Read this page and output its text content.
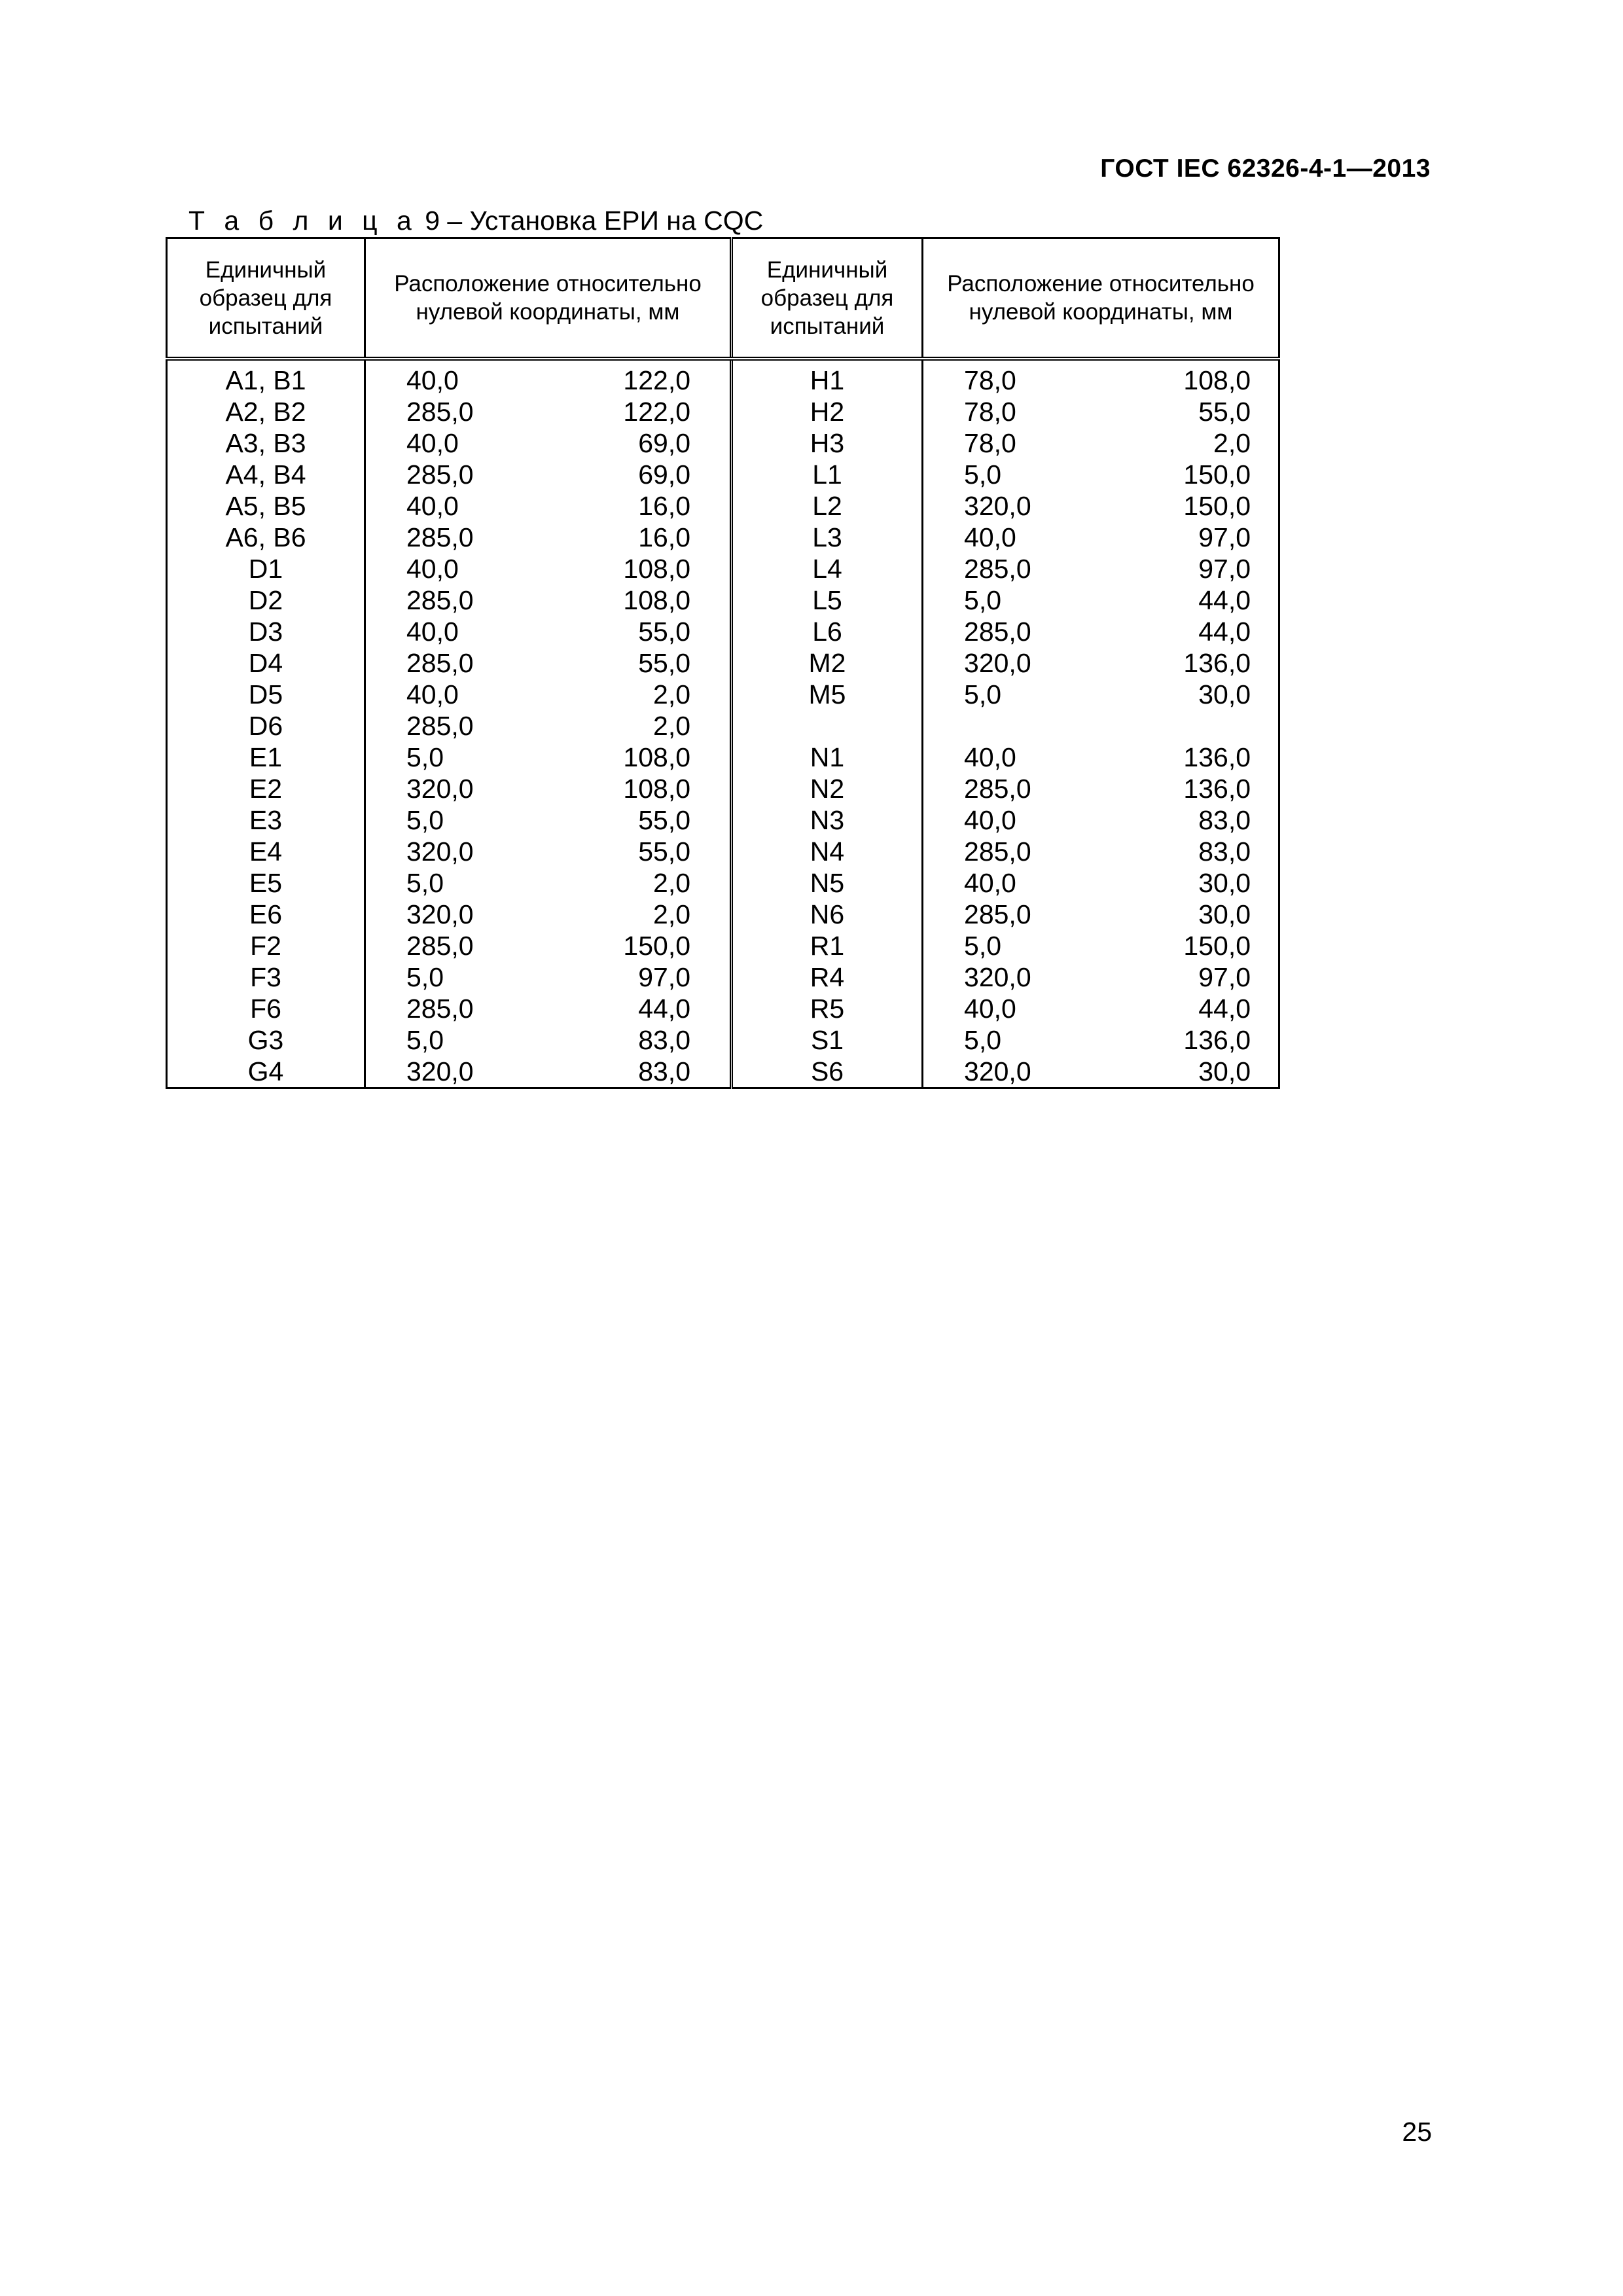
ГОСТ IEC 62326-4-1—2013
Т а б л и ц а 9 – Установка ЕРИ на CQC
Единичный образец для испытаний	Расположение относительно нулевой координаты, мм		Единичный образец для испытаний	Расположение относительно нулевой координаты, мм	
A1, B1	40,0	122,0	H1	78,0	108,0
A2, B2	285,0	122,0	H2	78,0	55,0
A3, B3	40,0	69,0	H3	78,0	2,0
A4, B4	285,0	69,0	L1	5,0	150,0
A5, B5	40,0	16,0	L2	320,0	150,0
A6, B6	285,0	16,0	L3	40,0	97,0
D1	40,0	108,0	L4	285,0	97,0
D2	285,0	108,0	L5	5,0	44,0
D3	40,0	55,0	L6	285,0	44,0
D4	285,0	55,0	M2	320,0	136,0
D5	40,0	2,0	M5	5,0	30,0
D6	285,0	2,0			
E1	5,0	108,0	N1	40,0	136,0
E2	320,0	108,0	N2	285,0	136,0
E3	5,0	55,0	N3	40,0	83,0
E4	320,0	55,0	N4	285,0	83,0
E5	5,0	2,0	N5	40,0	30,0
E6	320,0	2,0	N6	285,0	30,0
F2	285,0	150,0	R1	5,0	150,0
F3	5,0	97,0	R4	320,0	97,0
F6	285,0	44,0	R5	40,0	44,0
G3	5,0	83,0	S1	5,0	136,0
G4	320,0	83,0	S6	320,0	30,0
25
